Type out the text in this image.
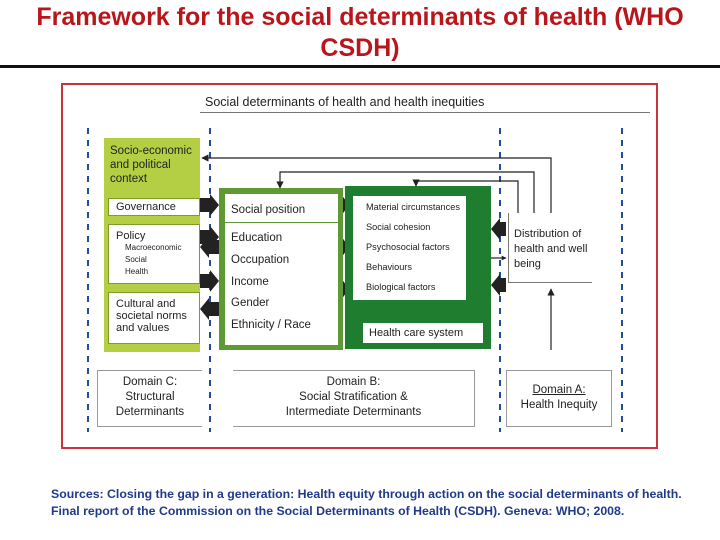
Framework for the social determinants of health (WHO CSDH)
Social determinants of health and health inequities
Socio-economic and political context
Governance
Policy
Macroeconomic
Social
Health
Cultural and societal norms and values
Social position
Education
Occupation
Income
Gender
Ethnicity / Race
Material circumstances
Social cohesion
Psychosocial factors
Behaviours
Biological factors
Health care system
Distribution of health and well being
Domain C: Structural Determinants
Domain B:
Social Stratification &
Intermediate Determinants
Domain A:
Health Inequity
Sources: Closing the gap in a generation: Health equity through action on the social determinants of health. Final report of the Commission on the Social Determinants of Health (CSDH). Geneva: WHO; 2008.
